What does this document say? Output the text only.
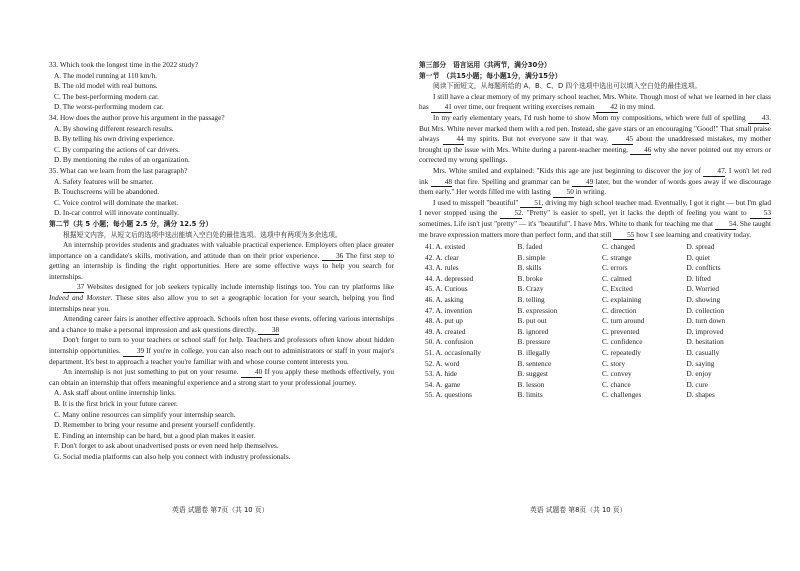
33. Which took the longest time in the 2022 study?
A. The model running at 110 km/h.
B. The old model with real buttons.
C. The best-performing modern car.
D. The worst-performing modern car.
34. How does the author prove his argument in the passage?
A. By showing different research results.
B. By telling his own driving experience.
C. By comparing the actions of car drivers.
D. By mentioning the rules of an organization.
35. What can we learn from the last paragraph?
A. Safety features will be smarter.
B. Touchscreens will be abandoned.
C. Voice control will dominate the market.
D. In-car control will innovate continually.
第二节（共 5 小题；每小题 2.5 分，满分 12.5 分）
根据短文内容，从短文后的选项中选出能填入空白处的最佳选项。选项中有两项为多余选项。

An internship provides students and graduates with valuable practical experience. Employers often place greater importance on a candidate's skills, motivation, and attitude than on their prior experience. 36 The first step to getting an internship is finding the right opportunities. Here are some effective ways to help you search for internships.

37 Websites designed for job seekers typically include internship listings too. You can try platforms like Indeed and Monster. These sites also allow you to set a geographic location for your search, helping you find internships near you.

Attending career fairs is another effective approach. Schools often host these events, offering various internships and a chance to make a personal impression and ask questions directly. 38

Don't forget to turn to your teachers or school staff for help. Teachers and professors often know about hidden internship opportunities. 39 If you're in college, you can also reach out to administrators or staff in your major's department. It's best to approach a teacher you're familiar with and whose course content interests you.

An internship is not just something to put on your resume. 40 If you apply these methods effectively, you can obtain an internship that offers meaningful experience and a strong start to your professional journey.

A. Ask staff about online internship links.
B. It is the first brick in your future career.
C. Many online resources can simplify your internship search.
D. Remember to bring your resume and present yourself confidently.
E. Finding an internship can be hard, but a good plan makes it easier.
F. Don't forget to ask about unadvertised posts or even need help themselves.
G. Social media platforms can also help you connect with industry professionals.
英语 试题卷 第7页（共 10 页）
第三部分　语言运用（共两节，满分30分）
第一节　（共15小题；每小题1分，满分15分）
阅读下面短文，从每题所给的 A、B、C、D 四个选项中选出可以填入空白处的最佳选项。

I still have a clear memory of my primary school teacher, Mrs. White. Though most of what we learned in her class has 41 over time, our frequent writing exercises remain 42 in my mind.

In my early elementary years, I'd rush home to show Mom my compositions, which were full of spelling 43. But Mrs. White never marked them with a red pen. Instead, she gave stars or an encouraging "Good!" That small praise always 44 my spirits. But not everyone saw it that way. 45 about the unaddressed mistakes, my mother brought up the issue with Mrs. White during a parent-teacher meeting, 46 why she never pointed out my errors or corrected my wrong spellings.

Mrs. White smiled and explained: "Kids this age are just beginning to discover the joy of 47. I won't let red ink 48 that fire. Spelling and grammar can be 49 later, but the wonder of words goes away if we discourage them early." Her words filled me with lasting 50 in writing.

I used to misspell "beautiful" 51, driving my high school teacher mad. Eventually, I got it right — but I'm glad I never stopped using the 52. "Pretty" is easier to spell, yet it lacks the depth of feeling you want to 53 sometimes. Life isn't just "pretty" — it's "beautiful". I have Mrs. White to thank for teaching me that 54. She taught me brave expression matters more than perfect form, and that still 55 how I see learning and creativity today.

41. A. existed	B. faded	C. changed	D. spread
42. A. clear	B. simple	C. strange	D. quiet
43. A. rules	B. skills	C. errors	D. conflicts
44. A. depressed	B. broke	C. calmed	D. lifted
45. A. Curious	B. Crazy	C. Excited	D. Worried
46. A. asking	B. telling	C. explaining	D. showing
47. A. invention	B. expression	C. direction	D. collection
48. A. put up	B. put out	C. turn around	D. turn down
49. A. created	B. ignored	C. prevented	D. improved
50. A. confusion	B. pressure	C. confidence	D. hesitation
51. A. occasionally	B. illegally	C. repeatedly	D. casually
52. A. word	B. sentence	C. story	D. saying
53. A. hide	B. suggest	C. convey	D. enjoy
54. A. game	B. lesson	C. chance	D. cure
55. A. questions	B. limits	C. challenges	D. shapes
英语 试题卷 第8页（共 10 页）
